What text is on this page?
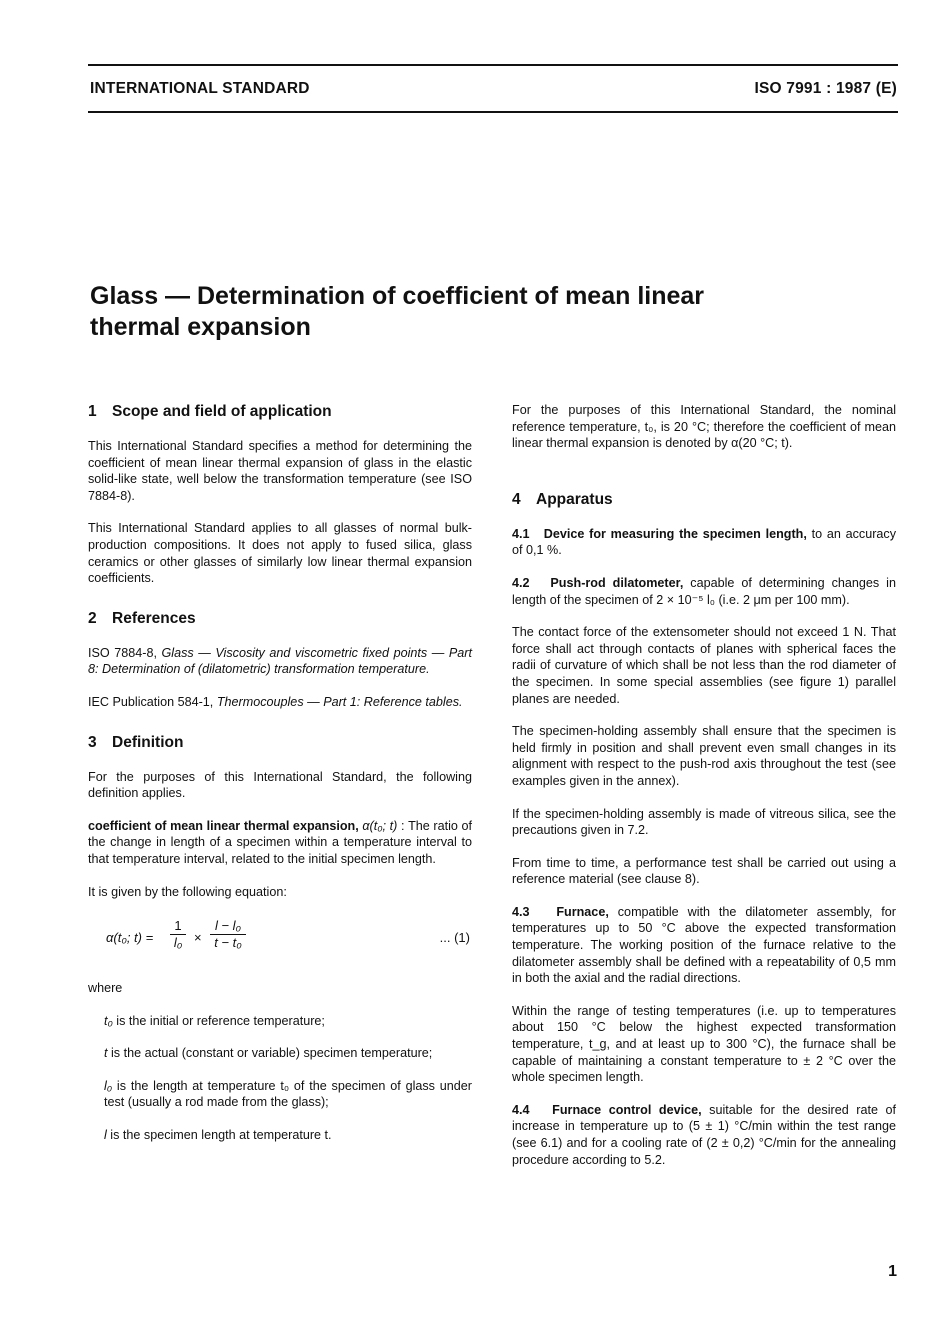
INTERNATIONAL STANDARD	ISO 7991 : 1987 (E)
Glass — Determination of coefficient of mean linear
thermal expansion
1 Scope and field of application

This International Standard specifies a method for determining the coefficient of mean linear thermal expansion of glass in the elastic solid-like state, well below the transformation temperature (see ISO 7884-8).

This International Standard applies to all glasses of normal bulk-production compositions. It does not apply to fused silica, glass ceramics or other glasses of similarly low linear thermal expansion coefficients.

2 References

ISO 7884-8, Glass — Viscosity and viscometric fixed points — Part 8: Determination of (dilatometric) transformation temperature.

IEC Publication 584-1, Thermocouples — Part 1: Reference tables.

3 Definition

For the purposes of this International Standard, the following definition applies.

coefficient of mean linear thermal expansion, α(t₀; t) : The ratio of the change in length of a specimen within a temperature interval to that temperature interval, related to the initial specimen length.

It is given by the following equation:

α(t₀; $t) = \frac{1}{\text{l₀}} \times \frac{\text{l − l₀}}{\text{t − t₀}}$	... (1)

where

t₀ is the initial or reference temperature;

t is the actual (constant or variable) specimen temperature;

l₀ is the length at temperature t₀ of the specimen of glass under test (usually a rod made from the glass);

l is the specimen length at temperature t.

For the purposes of this International Standard, the nominal reference temperature, t₀, is 20 °C; therefore the coefficient of mean linear thermal expansion is denoted by α(20 °C; t).

4 Apparatus

4.1 Device for measuring the specimen length, to an accuracy of 0,1 %.

4.2 Push-rod dilatometer, capable of determining changes in length of the specimen of 2 × 10⁻⁵ l₀ (i.e. 2 μm per 100 mm).

The contact force of the extensometer should not exceed 1 N. That force shall act through contacts of planes with spherical faces the radii of curvature of which shall be not less than the rod diameter of the specimen. In some special assemblies (see figure 1) parallel planes are needed.

The specimen-holding assembly shall ensure that the specimen is held firmly in position and shall prevent even small changes in its alignment with respect to the push-rod axis throughout the test (see examples given in the annex).

If the specimen-holding assembly is made of vitreous silica, see the precautions given in 7.2.

From time to time, a performance test shall be carried out using a reference material (see clause 8).

4.3 Furnace, compatible with the dilatometer assembly, for temperatures up to 50 °C above the expected transformation temperature. The working position of the furnace relative to the dilatometer assembly shall be defined with a repeatability of 0,5 mm in both the axial and the radial directions.

Within the range of testing temperatures (i.e. up to temperatures about 150 °C below the highest expected transformation temperature, t_g, and at least up to 300 °C), the furnace shall be capable of maintaining a constant temperature to ± 2 °C over the whole specimen length.

4.4 Furnace control device, suitable for the desired rate of increase in temperature up to (5 ± 1) °C/min within the test range (see 6.1) and for a cooling rate of (2 ± 0,2) °C/min for the annealing procedure according to 5.2.

1
